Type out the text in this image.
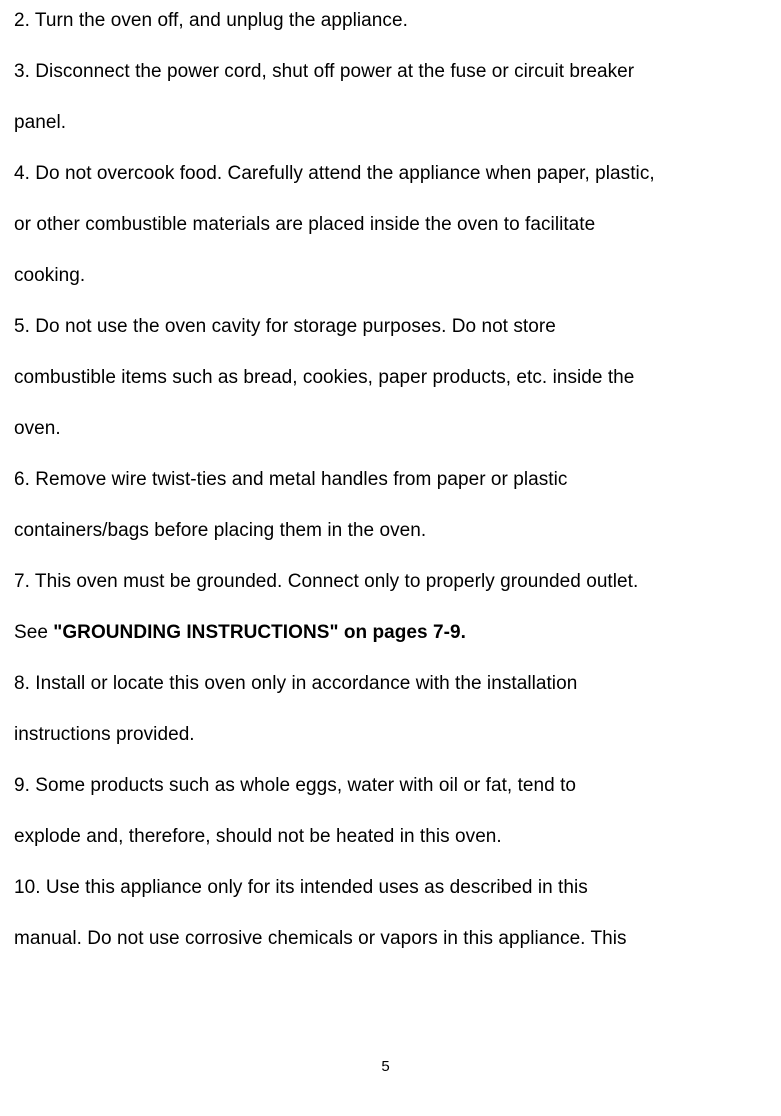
2. Turn the oven off, and unplug the appliance.
3. Disconnect the power cord, shut off power at the fuse or circuit breaker
panel.
4. Do not overcook food. Carefully attend the appliance when paper, plastic,
or other combustible materials are placed inside the oven to facilitate
cooking.
5. Do not use the oven cavity for storage purposes. Do not store
combustible items such as bread, cookies, paper products, etc. inside the
oven.
6. Remove wire twist-ties and metal handles from paper or plastic
containers/bags before placing them in the oven.
7. This oven must be grounded. Connect only to properly grounded outlet.
See "GROUNDING INSTRUCTIONS" on pages 7-9.
8. Install or locate this oven only in accordance with the installation
instructions provided.
9. Some products such as whole eggs, water with oil or fat, tend to
explode and, therefore, should not be heated in this oven.
10. Use this appliance only for its intended uses as described in this
manual. Do not use corrosive chemicals or vapors in this appliance. This
5
